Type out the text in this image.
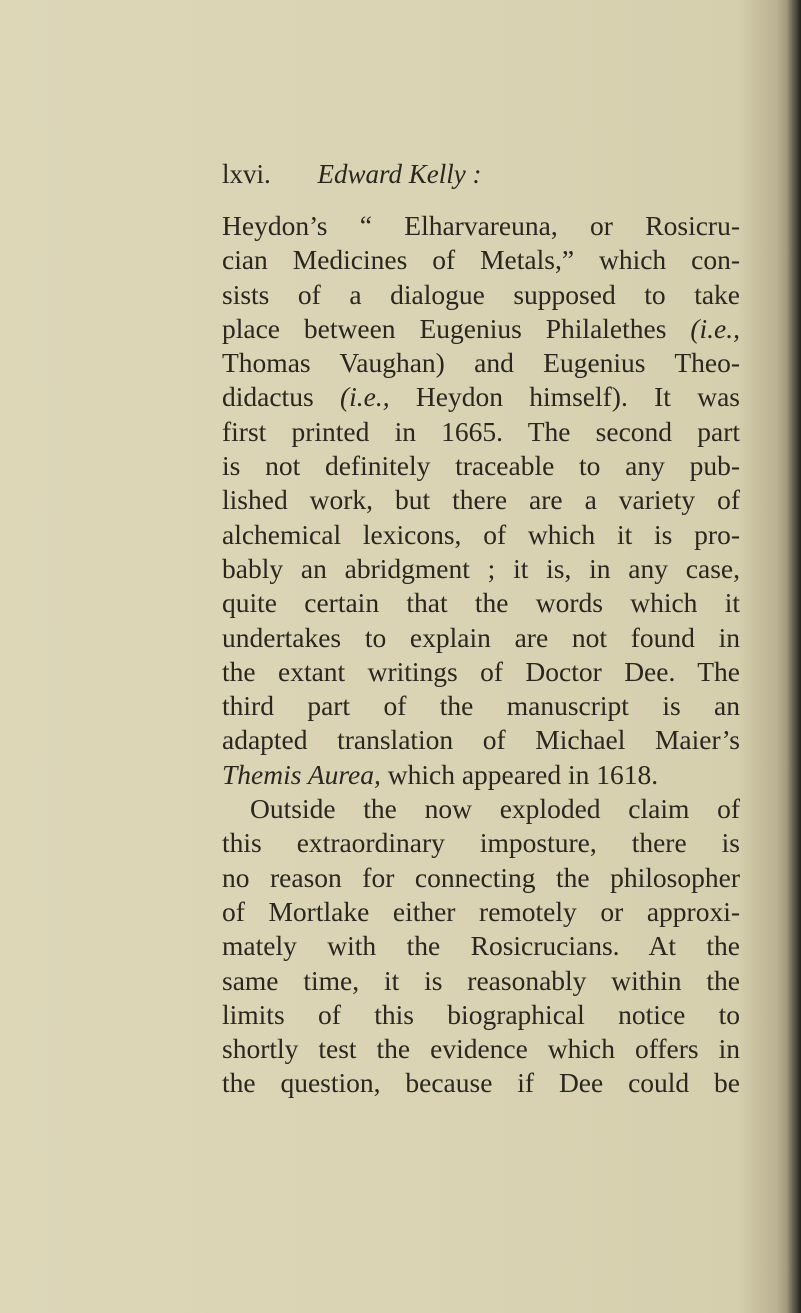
lxvi. Edward Kelly :
Heydon’s “ Elharvareuna, or Rosicru-
cian Medicines of Metals,” which con-
sists of a dialogue supposed to take
place between Eugenius Philalethes (i.e.,
Thomas Vaughan) and Eugenius Theo-
didactus (i.e., Heydon himself). It was
first printed in 1665. The second part
is not definitely traceable to any pub-
lished work, but there are a variety of
alchemical lexicons, of which it is pro-
bably an abridgment ; it is, in any case,
quite certain that the words which it
undertakes to explain are not found in
the extant writings of Doctor Dee. The
third part of the manuscript is an
adapted translation of Michael Maier’s
Themis Aurea, which appeared in 1618.
Outside the now exploded claim of
this extraordinary imposture, there is
no reason for connecting the philosopher
of Mortlake either remotely or approxi-
mately with the Rosicrucians. At the
same time, it is reasonably within the
limits of this biographical notice to
shortly test the evidence which offers in
the question, because if Dee could be
